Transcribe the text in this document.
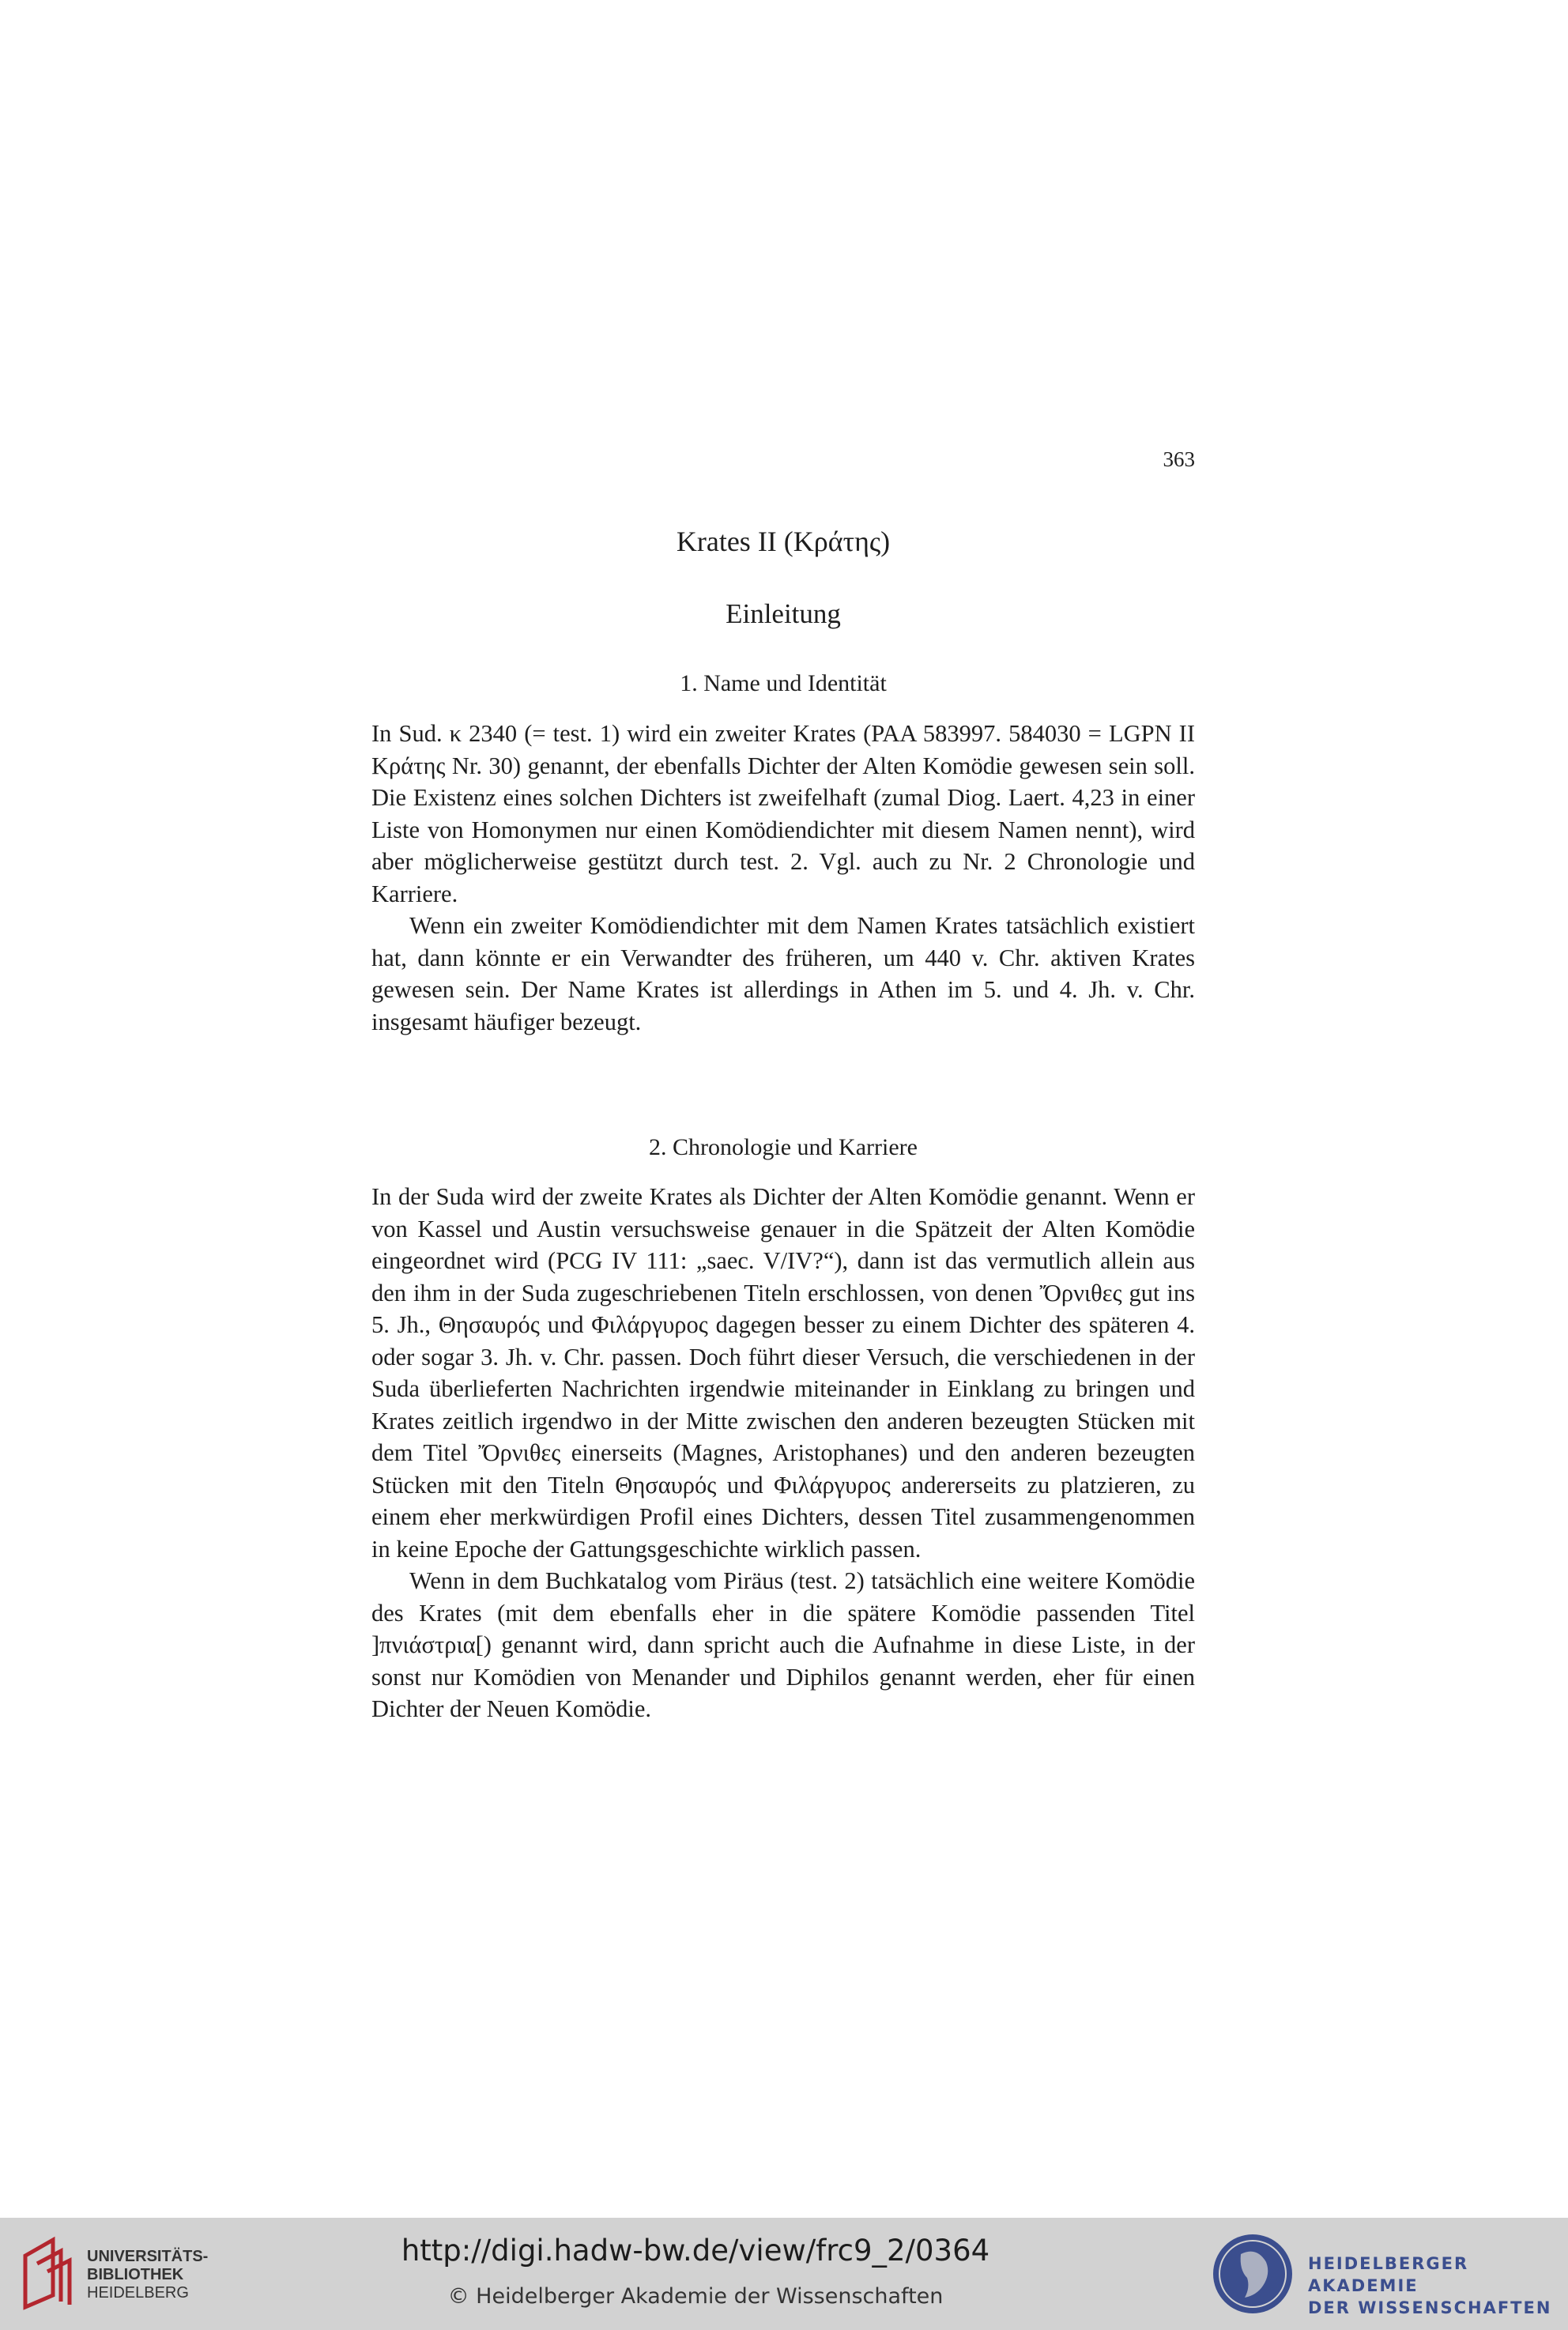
363
Krates II (Κράτης)
Einleitung
1. Name und Identität

In Sud. κ 2340 (= test. 1) wird ein zweiter Krates (PAA 583997. 584030 = LGPN II Κράτης Nr. 30) genannt, der ebenfalls Dichter der Alten Komödie gewesen sein soll. Die Existenz eines solchen Dichters ist zweifelhaft (zumal Diog. Laert. 4,23 in einer Liste von Homonymen nur einen Komödiendichter mit diesem Namen nennt), wird aber möglicherweise gestützt durch test. 2. Vgl. auch zu Nr. 2 Chronologie und Karriere.

Wenn ein zweiter Komödiendichter mit dem Namen Krates tatsächlich existiert hat, dann könnte er ein Verwandter des früheren, um 440 v. Chr. aktiven Krates gewesen sein. Der Name Krates ist allerdings in Athen im 5. und 4. Jh. v. Chr. insgesamt häufiger bezeugt.

2. Chronologie und Karriere

In der Suda wird der zweite Krates als Dichter der Alten Komödie genannt. Wenn er von Kassel und Austin versuchsweise genauer in die Spätzeit der Alten Komödie eingeordnet wird (PCG IV 111: „saec. V/IV?“), dann ist das vermutlich allein aus den ihm in der Suda zugeschriebenen Titeln erschlossen, von denen Ὄρνιθες gut ins 5. Jh., Θησαυρός und Φιλάργυρος dagegen besser zu einem Dichter des späteren 4. oder sogar 3. Jh. v. Chr. passen. Doch führt dieser Versuch, die verschiedenen in der Suda überlieferten Nachrichten irgendwie miteinander in Einklang zu bringen und Krates zeitlich irgendwo in der Mitte zwischen den anderen bezeugten Stücken mit dem Titel Ὄρνιθες einerseits (Magnes, Aristophanes) und den anderen bezeugten Stücken mit den Titeln Θησαυρός und Φιλάργυρος andererseits zu platzieren, zu einem eher merkwürdigen Profil eines Dichters, dessen Titel zusammengenommen in keine Epoche der Gattungsgeschichte wirklich passen.

Wenn in dem Buchkatalog vom Piräus (test. 2) tatsächlich eine weitere Komödie des Krates (mit dem ebenfalls eher in die spätere Komödie passenden Titel ]πνιάστρια[) genannt wird, dann spricht auch die Aufnahme in diese Liste, in der sonst nur Komödien von Menander und Diphilos genannt werden, eher für einen Dichter der Neuen Komödie.

UNIVERSITÄTS-
BIBLIOTHEK
HEIDELBERG
http://digi.hadw-bw.de/view/frc9_2/0364
© Heidelberger Akademie der Wissenschaften
HEIDELBERGER AKADEMIE
DER WISSENSCHAFTEN
